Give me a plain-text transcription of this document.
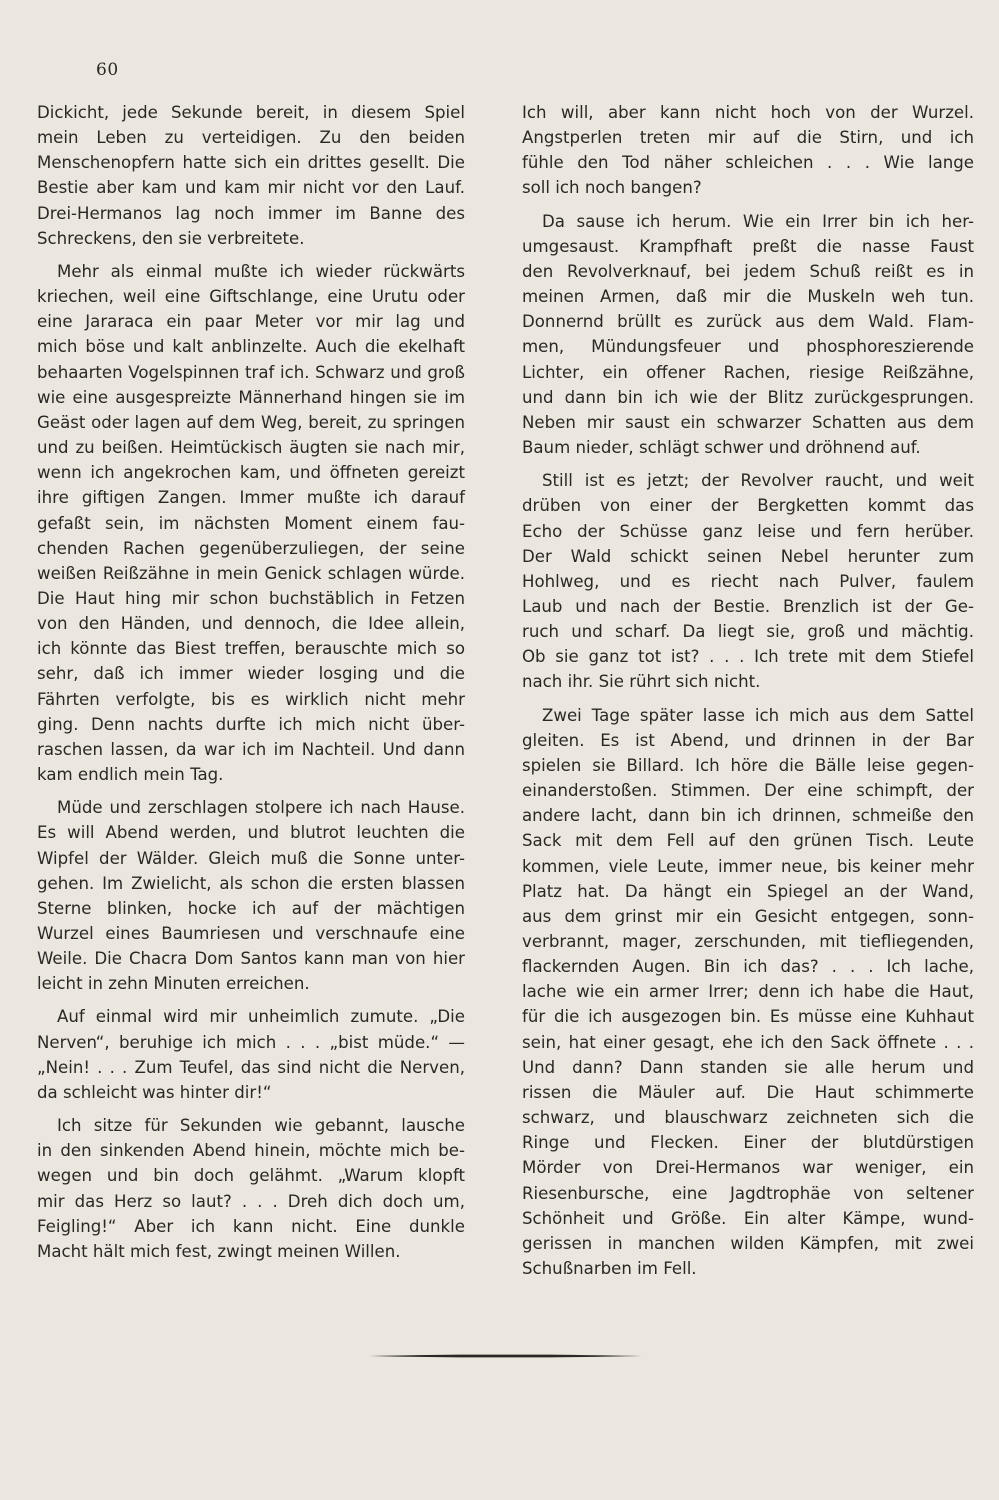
60
Dickicht, jede Sekunde bereit, in diesem Spiel
mein Leben zu verteidigen. Zu den beiden
Menschenopfern hatte sich ein drittes gesellt. Die
Bestie aber kam und kam mir nicht vor den Lauf.
Drei-Hermanos lag noch immer im Banne des
Schreckens, den sie verbreitete.
Mehr als einmal mußte ich wieder rückwärts
kriechen, weil eine Giftschlange, eine Urutu oder
eine Jararaca ein paar Meter vor mir lag und
mich böse und kalt anblinzelte. Auch die ekelhaft
behaarten Vogelspinnen traf ich. Schwarz und groß
wie eine ausgespreizte Männerhand hingen sie im
Geäst oder lagen auf dem Weg, bereit, zu springen
und zu beißen. Heimtückisch äugten sie nach mir,
wenn ich angekrochen kam, und öffneten gereizt
ihre giftigen Zangen. Immer mußte ich darauf
gefaßt sein, im nächsten Moment einem fau-
chenden Rachen gegenüberzuliegen, der seine
weißen Reißzähne in mein Genick schlagen würde.
Die Haut hing mir schon buchstäblich in Fetzen
von den Händen, und dennoch, die Idee allein,
ich könnte das Biest treffen, berauschte mich so
sehr, daß ich immer wieder losging und die
Fährten verfolgte, bis es wirklich nicht mehr
ging. Denn nachts durfte ich mich nicht über-
raschen lassen, da war ich im Nachteil. Und dann
kam endlich mein Tag.
Müde und zerschlagen stolpere ich nach Hause.
Es will Abend werden, und blutrot leuchten die
Wipfel der Wälder. Gleich muß die Sonne unter-
gehen. Im Zwielicht, als schon die ersten blassen
Sterne blinken, hocke ich auf der mächtigen
Wurzel eines Baumriesen und verschnaufe eine
Weile. Die Chacra Dom Santos kann man von hier
leicht in zehn Minuten erreichen.
Auf einmal wird mir unheimlich zumute. „Die
Nerven“, beruhige ich mich . . . „bist müde.“ —
„Nein! . . . Zum Teufel, das sind nicht die Nerven,
da schleicht was hinter dir!“
Ich sitze für Sekunden wie gebannt, lausche
in den sinkenden Abend hinein, möchte mich be-
wegen und bin doch gelähmt. „Warum klopft
mir das Herz so laut? . . . Dreh dich doch um,
Feigling!“ Aber ich kann nicht. Eine dunkle
Macht hält mich fest, zwingt meinen Willen.
Ich will, aber kann nicht hoch von der Wurzel.
Angstperlen treten mir auf die Stirn, und ich
fühle den Tod näher schleichen . . . Wie lange
soll ich noch bangen?
Da sause ich herum. Wie ein Irrer bin ich her-
umgesaust. Krampfhaft preßt die nasse Faust
den Revolverknauf, bei jedem Schuß reißt es in
meinen Armen, daß mir die Muskeln weh tun.
Donnernd brüllt es zurück aus dem Wald. Flam-
men, Mündungsfeuer und phosphoreszierende
Lichter, ein offener Rachen, riesige Reißzähne,
und dann bin ich wie der Blitz zurückgesprungen.
Neben mir saust ein schwarzer Schatten aus dem
Baum nieder, schlägt schwer und dröhnend auf.
Still ist es jetzt; der Revolver raucht, und weit
drüben von einer der Bergketten kommt das
Echo der Schüsse ganz leise und fern herüber.
Der Wald schickt seinen Nebel herunter zum
Hohlweg, und es riecht nach Pulver, faulem
Laub und nach der Bestie. Brenzlich ist der Ge-
ruch und scharf. Da liegt sie, groß und mächtig.
Ob sie ganz tot ist? . . . Ich trete mit dem Stiefel
nach ihr. Sie rührt sich nicht.
Zwei Tage später lasse ich mich aus dem Sattel
gleiten. Es ist Abend, und drinnen in der Bar
spielen sie Billard. Ich höre die Bälle leise gegen-
einanderstoßen. Stimmen. Der eine schimpft, der
andere lacht, dann bin ich drinnen, schmeiße den
Sack mit dem Fell auf den grünen Tisch. Leute
kommen, viele Leute, immer neue, bis keiner mehr
Platz hat. Da hängt ein Spiegel an der Wand,
aus dem grinst mir ein Gesicht entgegen, sonn-
verbrannt, mager, zerschunden, mit tiefliegenden,
flackernden Augen. Bin ich das? . . . Ich lache,
lache wie ein armer Irrer; denn ich habe die Haut,
für die ich ausgezogen bin. Es müsse eine Kuhhaut
sein, hat einer gesagt, ehe ich den Sack öffnete . . .
Und dann? Dann standen sie alle herum und
rissen die Mäuler auf. Die Haut schimmerte
schwarz, und blauschwarz zeichneten sich die
Ringe und Flecken. Einer der blutdürstigen
Mörder von Drei-Hermanos war weniger, ein
Riesenbursche, eine Jagdtrophäe von seltener
Schönheit und Größe. Ein alter Kämpe, wund-
gerissen in manchen wilden Kämpfen, mit zwei
Schußnarben im Fell.
